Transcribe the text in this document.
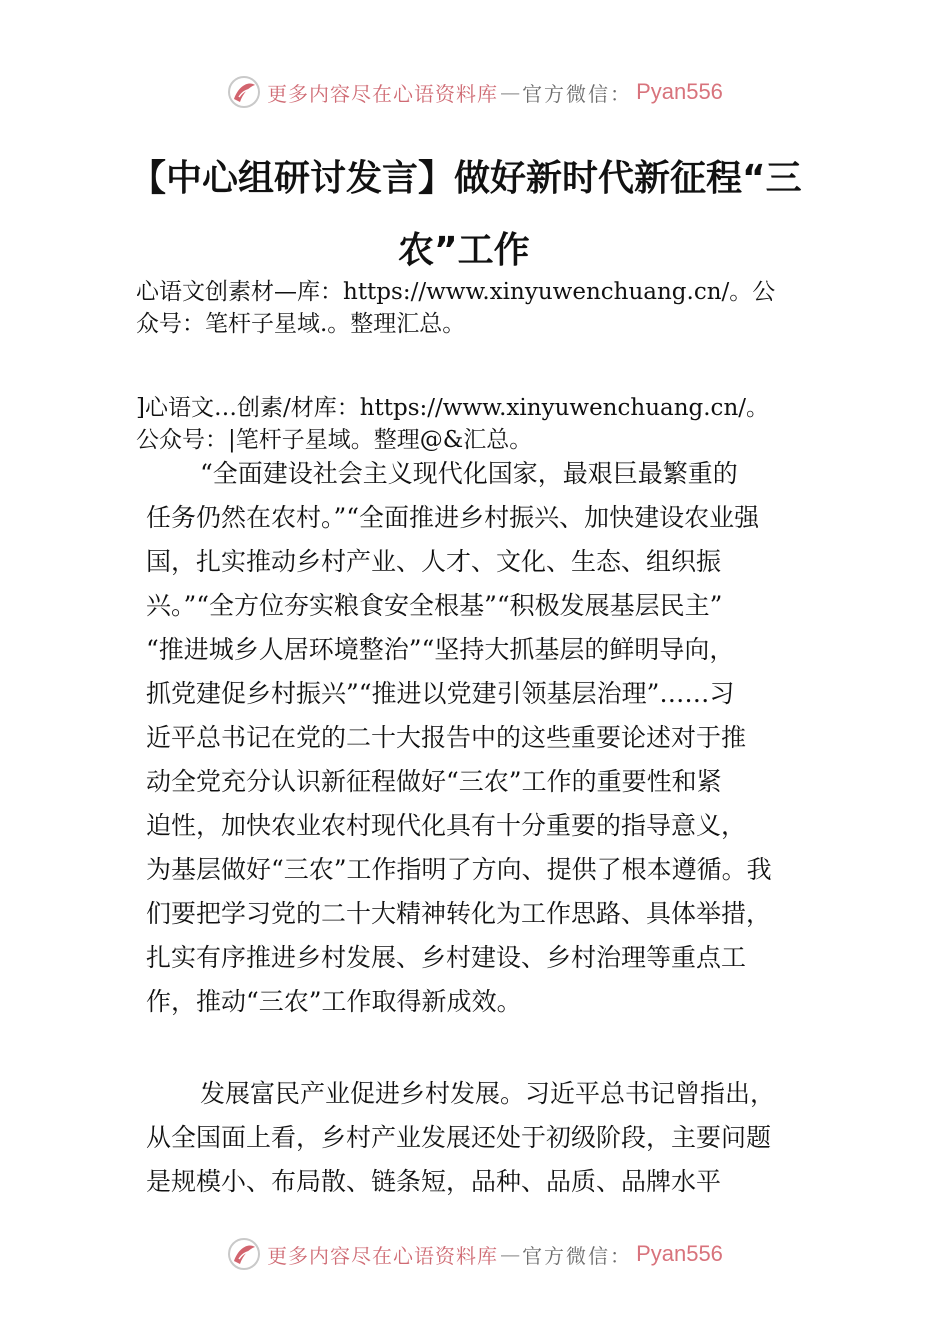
更多内容尽在心语资料库 — 官方微信： Pyan556
【中心组研讨发言】做好新时代新征程“三
农”工作
心语文创素材—库：https://www.xinyuwenchuang.cn/。公
众号：笔杆子星域.。整理汇总。
]心语文…创素/材库：https://www.xinyuwenchuang.cn/。
公众号：|笔杆子星域。整理@&汇总。
“全面建设社会主义现代化国家，最艰巨最繁重的
任务仍然在农村。”“全面推进乡村振兴、加快建设农业强
国，扎实推动乡村产业、人才、文化、生态、组织振
兴。”“全方位夯实粮食安全根基”“积极发展基层民主”
“推进城乡人居环境整治”“坚持大抓基层的鲜明导向，
抓党建促乡村振兴”“推进以党建引领基层治理”……习
近平总书记在党的二十大报告中的这些重要论述对于推
动全党充分认识新征程做好“三农”工作的重要性和紧
迫性，加快农业农村现代化具有十分重要的指导意义，
为基层做好“三农”工作指明了方向、提供了根本遵循。我
们要把学习党的二十大精神转化为工作思路、具体举措，
扎实有序推进乡村发展、乡村建设、乡村治理等重点工
作，推动“三农”工作取得新成效。
发展富民产业促进乡村发展。习近平总书记曾指出，
从全国面上看，乡村产业发展还处于初级阶段，主要问题
是规模小、布局散、链条短，品种、品质、品牌水平
更多内容尽在心语资料库 — 官方微信： Pyan556
